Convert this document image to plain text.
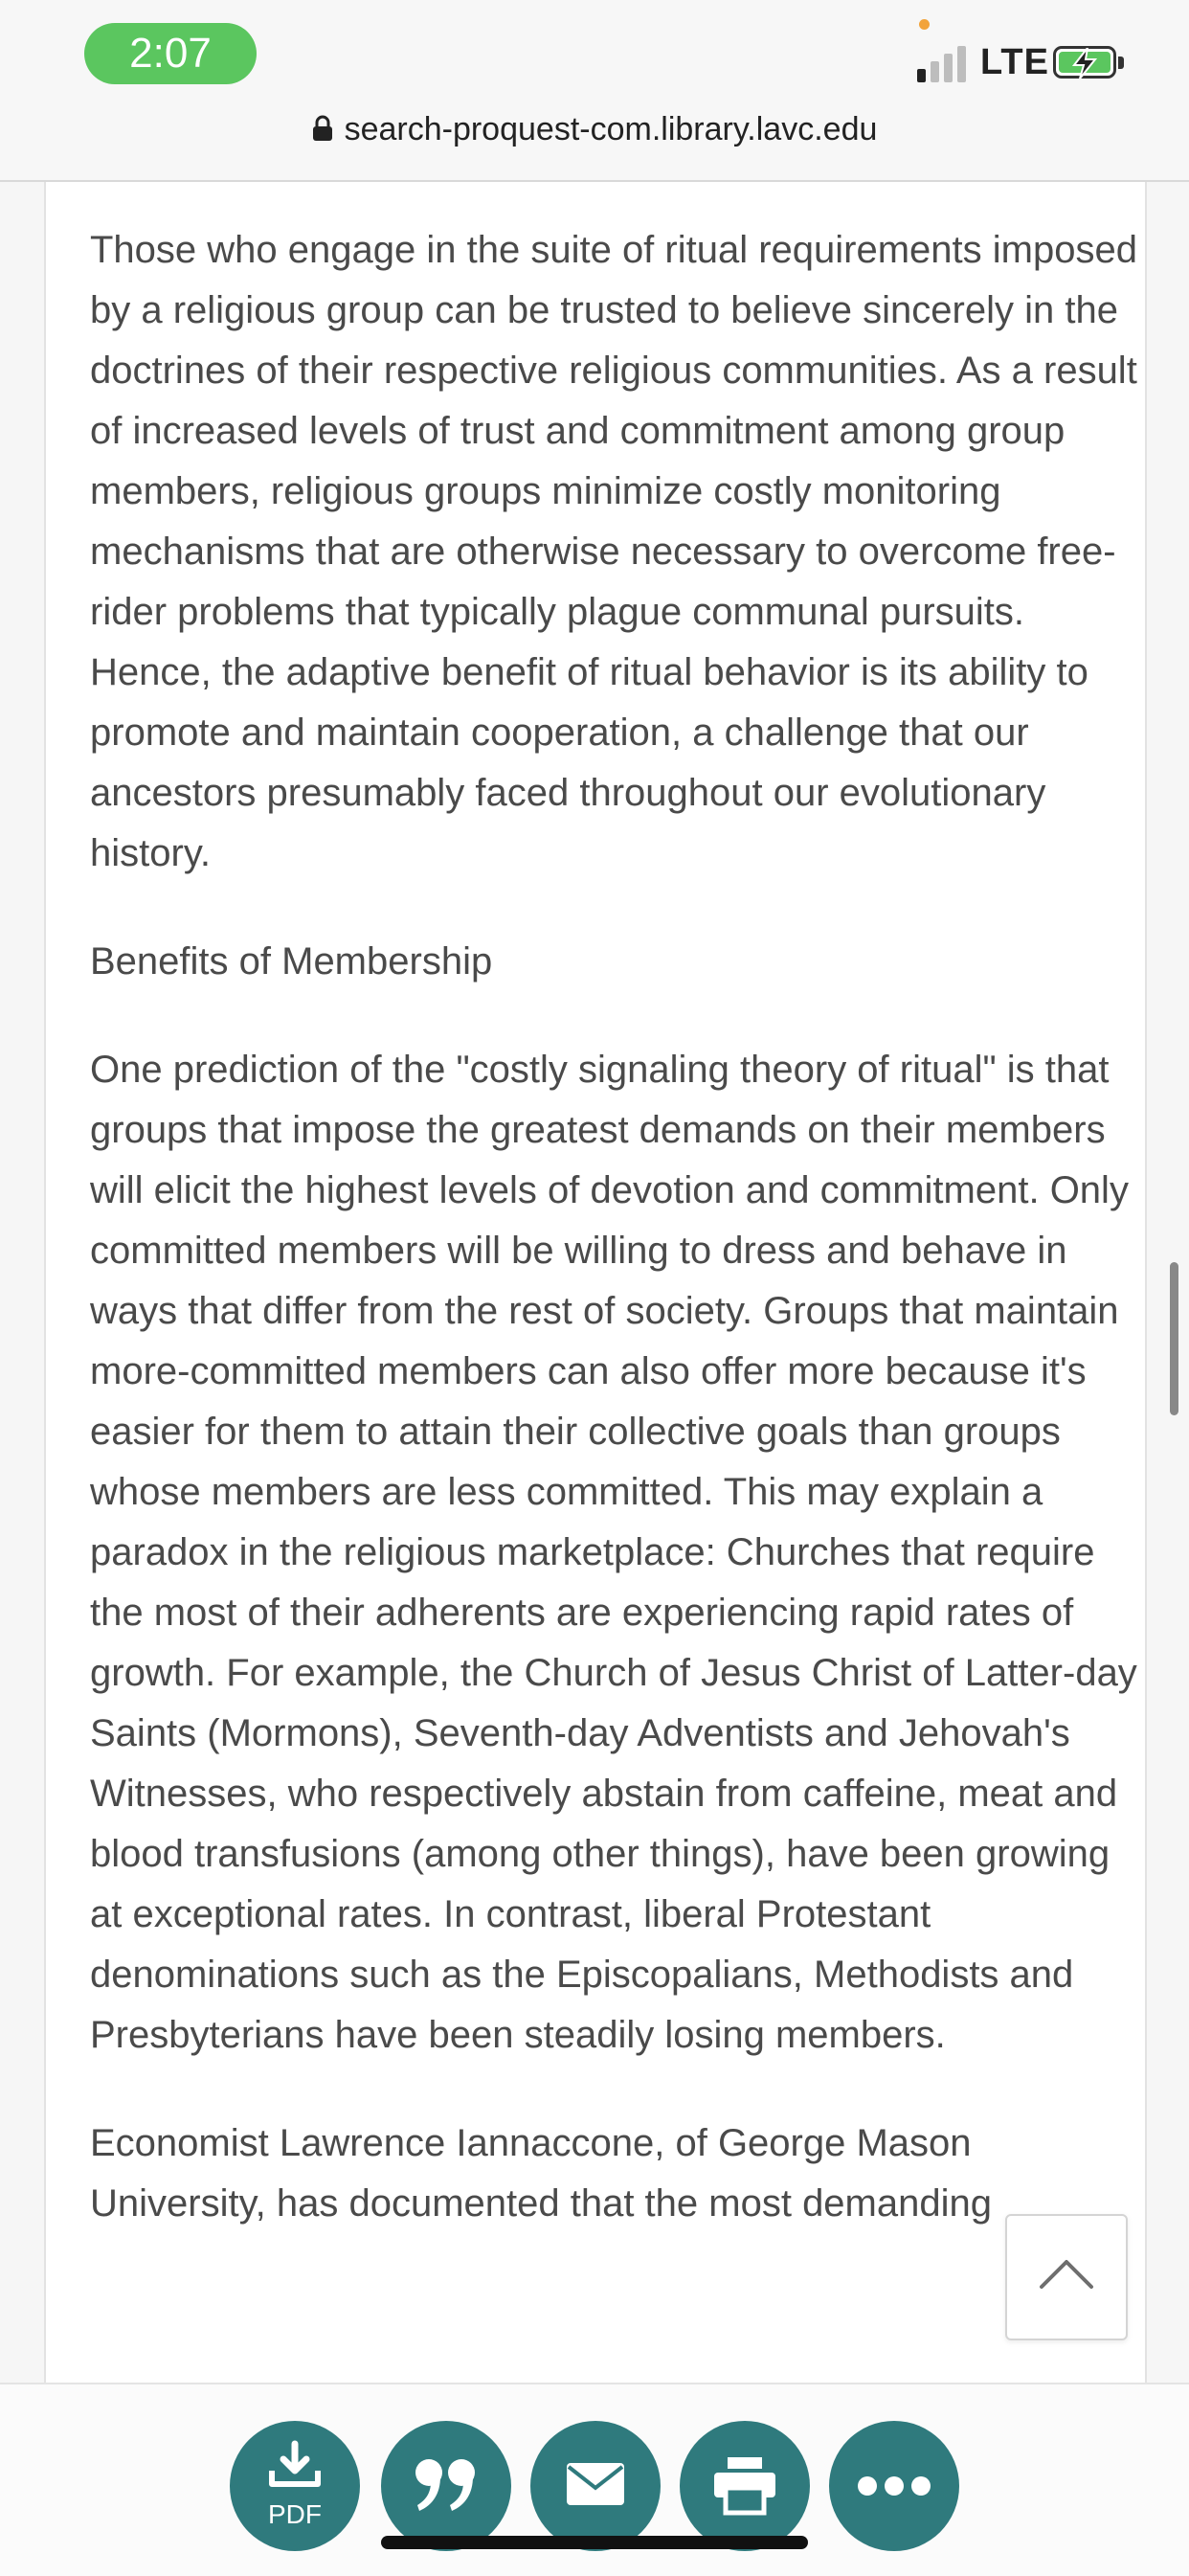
2:07	LTE
search-proquest-com.library.lavc.edu

Those who engage in the suite of ritual requirements imposed by a religious group can be trusted to believe sincerely in the doctrines of their respective religious communities. As a result of increased levels of trust and commitment among group members, religious groups minimize costly monitoring mechanisms that are otherwise necessary to overcome free-rider problems that typically plague communal pursuits. Hence, the adaptive benefit of ritual behavior is its ability to promote and maintain cooperation, a challenge that our ancestors presumably faced throughout our evolutionary history.

Benefits of Membership

One prediction of the "costly signaling theory of ritual" is that groups that impose the greatest demands on their members will elicit the highest levels of devotion and commitment. Only committed members will be willing to dress and behave in ways that differ from the rest of society. Groups that maintain more-committed members can also offer more because it's easier for them to attain their collective goals than groups whose members are less committed. This may explain a paradox in the religious marketplace: Churches that require the most of their adherents are experiencing rapid rates of growth. For example, the Church of Jesus Christ of Latter-day Saints (Mormons), Seventh-day Adventists and Jehovah's Witnesses, who respectively abstain from caffeine, meat and blood transfusions (among other things), have been growing at exceptional rates. In contrast, liberal Protestant denominations such as the Episcopalians, Methodists and Presbyterians have been steadily losing members.

Economist Lawrence Iannaccone, of George Mason University, has documented that the most demanding

PDF
